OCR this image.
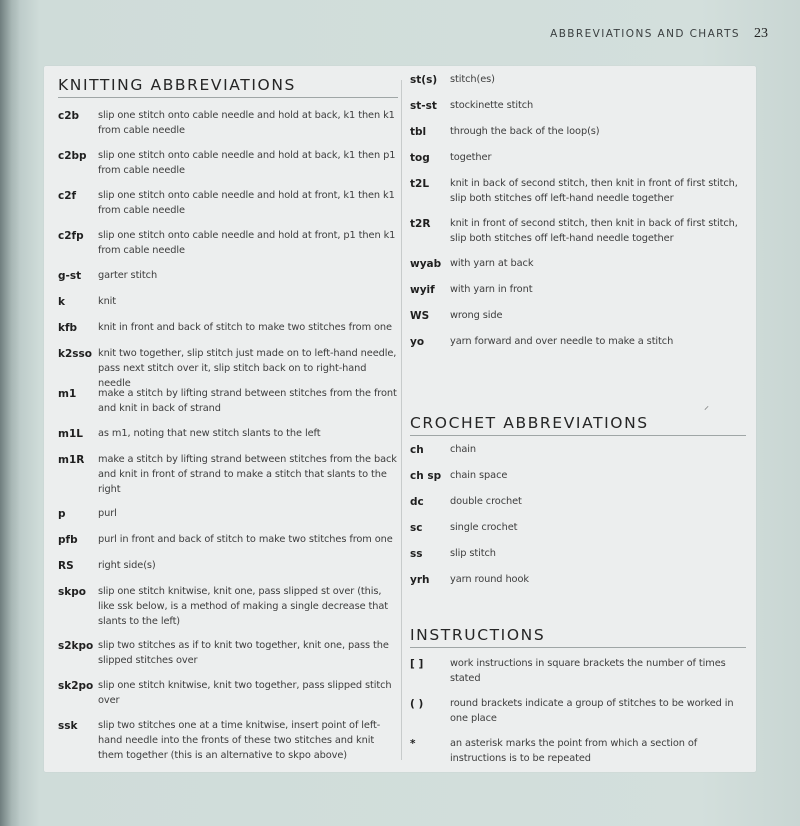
ABBREVIATIONS AND CHARTS 23
KNITTING ABBREVIATIONS
c2b	slip one stitch onto cable needle and hold at back, k1 then k1 from cable needle
c2bp	slip one stitch onto cable needle and hold at back, k1 then p1 from cable needle
c2f	slip one stitch onto cable needle and hold at front, k1 then k1 from cable needle
c2fp	slip one stitch onto cable needle and hold at front, p1 then k1 from cable needle
g-st	garter stitch
k	knit
kfb	knit in front and back of stitch to make two stitches from one
k2sso knit two together, slip stitch just made on to left-hand needle, pass next stitch over it, slip stitch back on to right-hand needle
m1	make a stitch by lifting strand between stitches from the front and knit in back of strand
m1L	as m1, noting that new stitch slants to the left
m1R	make a stitch by lifting strand between stitches from the back and knit in front of strand to make a stitch that slants to the right
p	purl
pfb	purl in front and back of stitch to make two stitches from one
RS	right side(s)
skpo	slip one stitch knitwise, knit one, pass slipped st over (this, like ssk below, is a method of making a single decrease that slants to the left)
s2kpo slip two stitches as if to knit two together, knit one, pass the slipped stitches over
sk2po slip one stitch knitwise, knit two together, pass slipped stitch over
ssk	slip two stitches one at a time knitwise, insert point of left-hand needle into the fronts of these two stitches and knit them together (this is an alternative to skpo above)
st(s)	stitch(es)
st-st	stockinette stitch
tbl	through the back of the loop(s)
tog	together
t2L	knit in back of second stitch, then knit in front of first stitch, slip both stitches off left-hand needle together
t2R	knit in front of second stitch, then knit in back of first stitch, slip both stitches off left-hand needle together
wyab with yarn at back
wyif	with yarn in front
WS	wrong side
yo	yarn forward and over needle to make a stitch
CROCHET ABBREVIATIONS
ch	chain
ch sp chain space
dc	double crochet
sc	single crochet
ss	slip stitch
yrh	yarn round hook
INSTRUCTIONS
[ ]	work instructions in square brackets the number of times stated
( )	round brackets indicate a group of stitches to be worked in one place
*	an asterisk marks the point from which a section of instructions is to be repeated
⸝
